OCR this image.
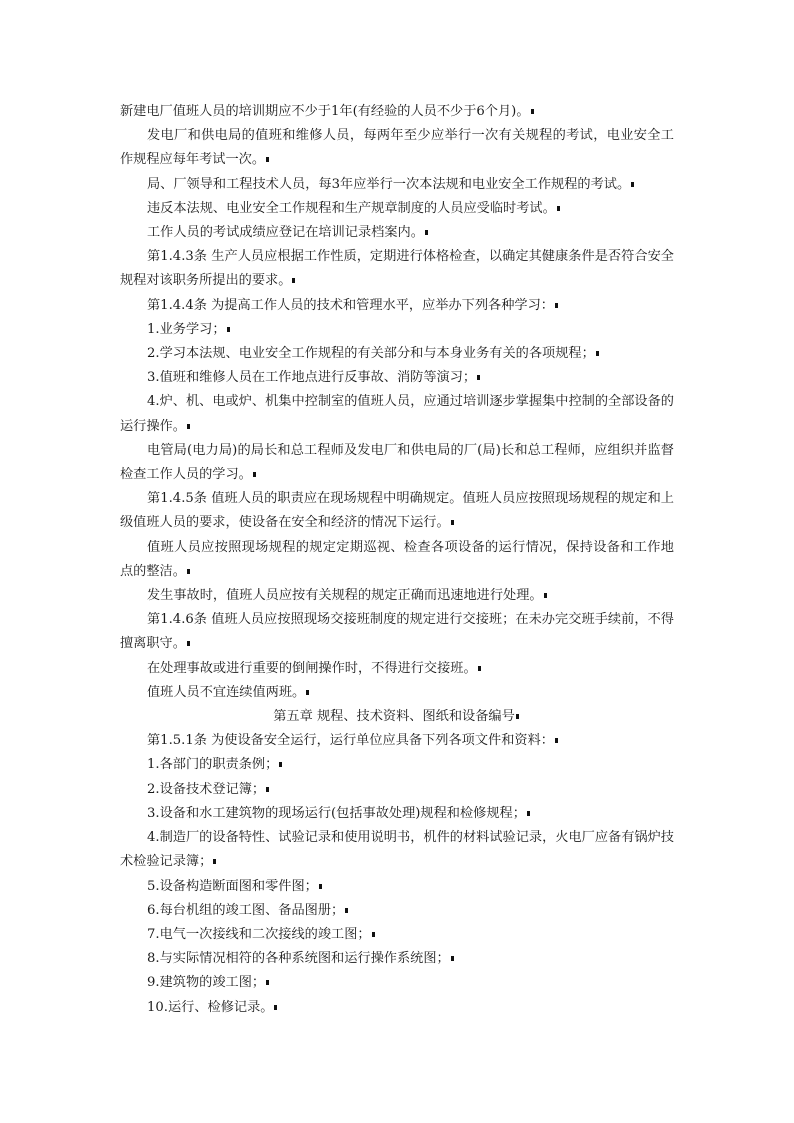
新建电厂值班人员的培训期应不少于1年(有经验的人员不少于6个月)。

发电厂和供电局的值班和维修人员，每两年至少应举行一次有关规程的考试，电业安全工作规程应每年考试一次。

局、厂领导和工程技术人员，每3年应举行一次本法规和电业安全工作规程的考试。

违反本法规、电业安全工作规程和生产规章制度的人员应受临时考试。

工作人员的考试成绩应登记在培训记录档案内。

第1.4.3条 生产人员应根据工作性质，定期进行体格检查，以确定其健康条件是否符合安全规程对该职务所提出的要求。

第1.4.4条 为提高工作人员的技术和管理水平，应举办下列各种学习：

1.业务学习；

2.学习本法规、电业安全工作规程的有关部分和与本身业务有关的各项规程；

3.值班和维修人员在工作地点进行反事故、消防等演习；

4.炉、机、电或炉、机集中控制室的值班人员，应通过培训逐步掌握集中控制的全部设备的运行操作。

电管局(电力局)的局长和总工程师及发电厂和供电局的厂(局)长和总工程师，应组织并监督检查工作人员的学习。

第1.4.5条 值班人员的职责应在现场规程中明确规定。值班人员应按照现场规程的规定和上级值班人员的要求，使设备在安全和经济的情况下运行。

值班人员应按照现场规程的规定定期巡视、检查各项设备的运行情况，保持设备和工作地点的整洁。

发生事故时，值班人员应按有关规程的规定正确而迅速地进行处理。

第1.4.6条 值班人员应按照现场交接班制度的规定进行交接班；在未办完交班手续前，不得擅离职守。

在处理事故或进行重要的倒闸操作时，不得进行交接班。

值班人员不宜连续值两班。

第五章 规程、技术资料、图纸和设备编号

第1.5.1条 为使设备安全运行，运行单位应具备下列各项文件和资料：

1.各部门的职责条例；

2.设备技术登记簿；

3.设备和水工建筑物的现场运行(包括事故处理)规程和检修规程；

4.制造厂的设备特性、试验记录和使用说明书，机件的材料试验记录，火电厂应备有锅炉技术检验记录簿；

5.设备构造断面图和零件图；

6.每台机组的竣工图、备品图册；

7.电气一次接线和二次接线的竣工图；

8.与实际情况相符的各种系统图和运行操作系统图；

9.建筑物的竣工图；

10.运行、检修记录。
